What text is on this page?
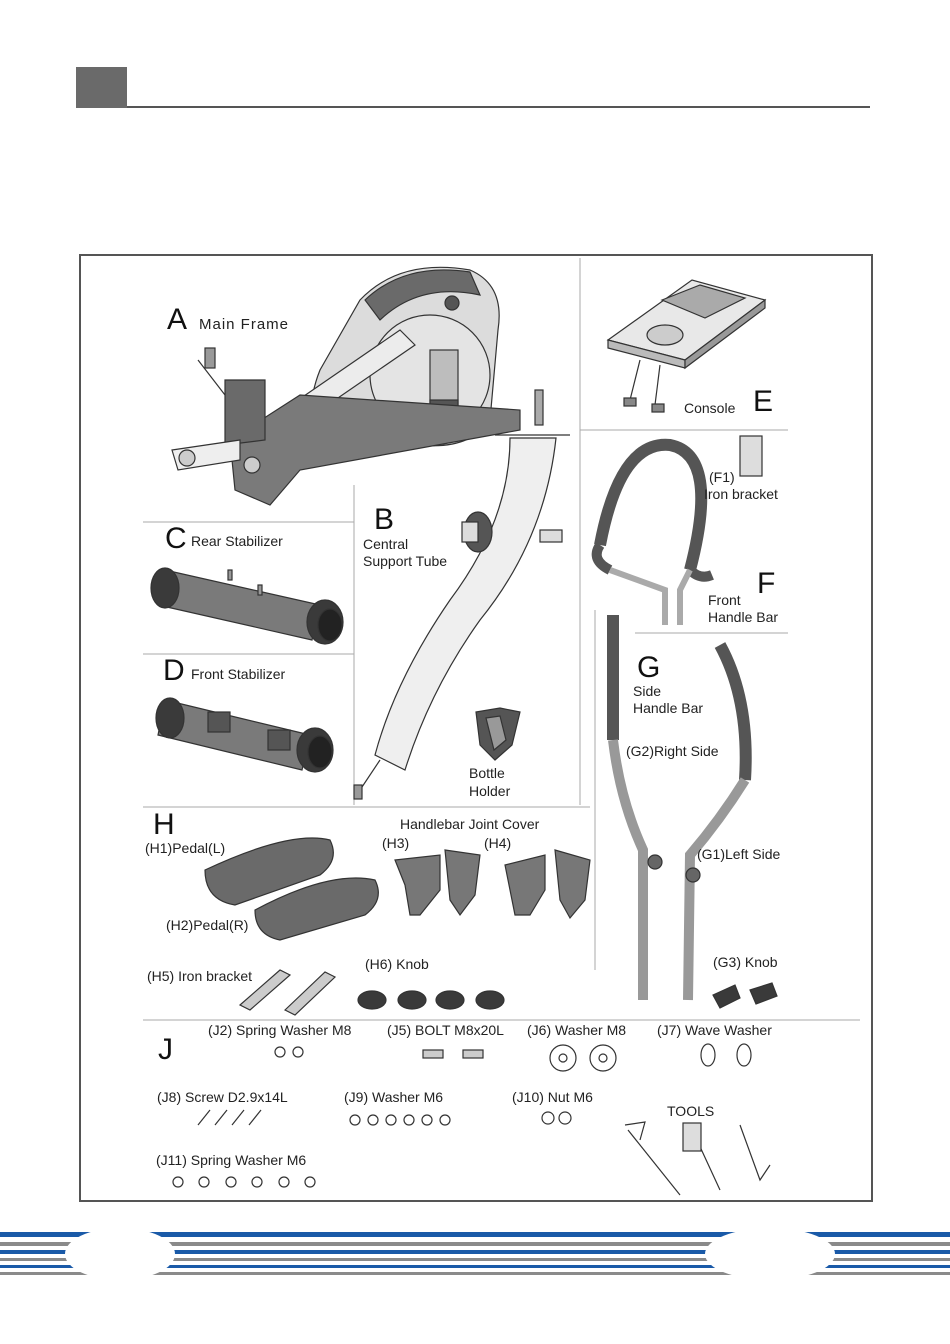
A Main Frame
B
Central
Support Tube
C Rear Stabilizer
D Front Stabilizer
E
Console
(F1)
Iron bracket
F
Front
Handle Bar
G
Side
Handle Bar
(G2)Right Side
(G1)Left Side
(G3) Knob
Bottle
Holder
H
(H1)Pedal(L)
(H2)Pedal(R)
Handlebar Joint Cover
(H3)	(H4)
(H5) Iron bracket
(H6) Knob
J
(J2) Spring Washer M8	(J5) BOLT M8x20L (J6) Washer M8 (J7) Wave Washer
(J8) Screw D2.9x14L	(J9) Washer M6	(J10) Nut M6
(J11) Spring Washer M6
TOOLS
